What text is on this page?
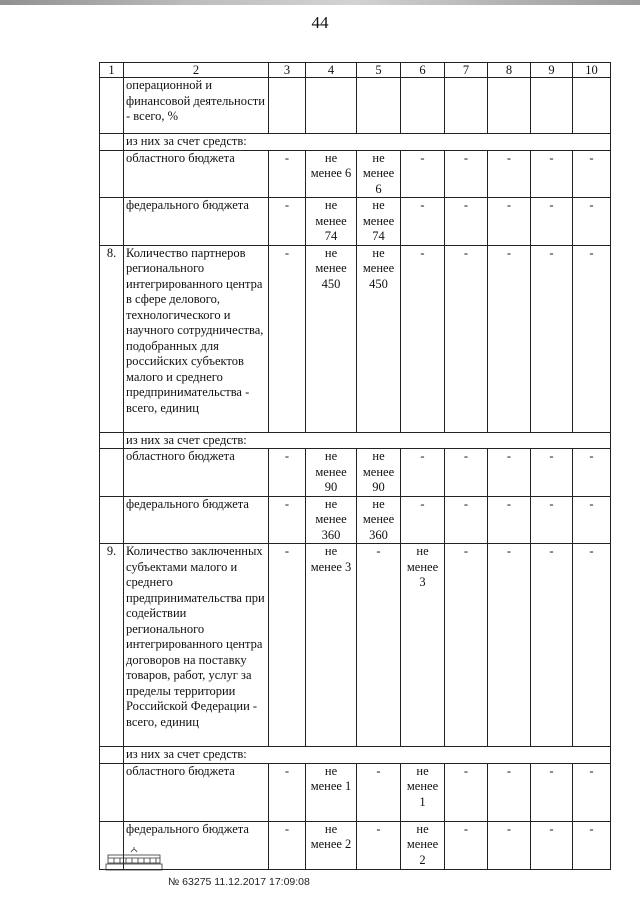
44
1	2	3	4	5	6	7	8	9	10
	операционной и финансовой деятельности - всего, %								
	из них за счет средств:								
	областного бюджета	-	не менее 6	не менее 6	-	-	-	-	-
	федерального бюджета	-	не менее 74	не менее 74	-	-	-	-	-
8.	Количество партнеров регионального интегрированного центра в сфере делового, технологического и научного сотрудничества, подобранных для российских субъектов малого и среднего предпринимательства - всего, единиц	-	не менее 450	не менее 450	-	-	-	-	-
	из них за счет средств:								
	областного бюджета	-	не менее 90	не менее 90	-	-	-	-	-
	федерального бюджета	-	не менее 360	не менее 360	-	-	-	-	-
9.	Количество заключенных субъектами малого и среднего предпринимательства при содействии регионального интегрированного центра договоров на поставку товаров, работ, услуг за пределы территории Российской Федерации - всего, единиц	-	не менее 3	-	не менее 3	-	-	-	-
	из них за счет средств:								
	областного бюджета	-	не менее 1	-	не менее 1	-	-	-	-
	федерального бюджета	-	не менее 2	-	не менее 2	-	-	-	-
№ 63275 11.12.2017 17:09:08
